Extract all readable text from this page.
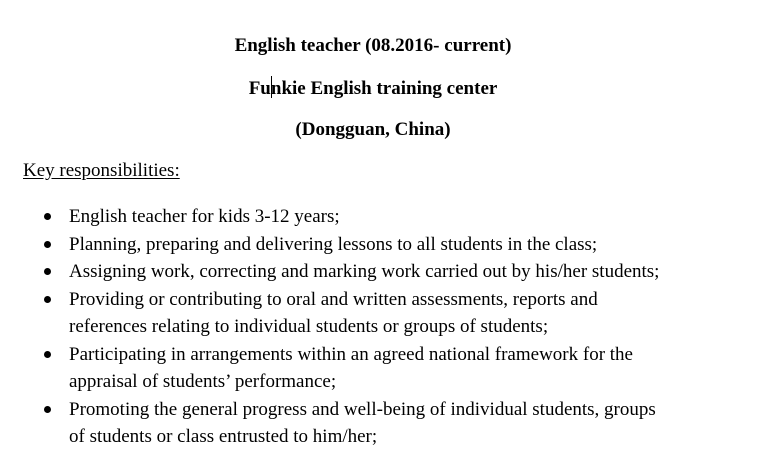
English teacher (08.2016- current)
Funkie English training center
(Dongguan, China)
Key responsibilities:
English teacher for kids 3-12 years;
Planning, preparing and delivering lessons to all students in the class;
Assigning work, correcting and marking work carried out by his/her students;
Providing or contributing to oral and written assessments, reports and
references relating to individual students or groups of students;
Participating in arrangements within an agreed national framework for the
appraisal of students’ performance;
Promoting the general progress and well-being of individual students, groups
of students or class entrusted to him/her;
